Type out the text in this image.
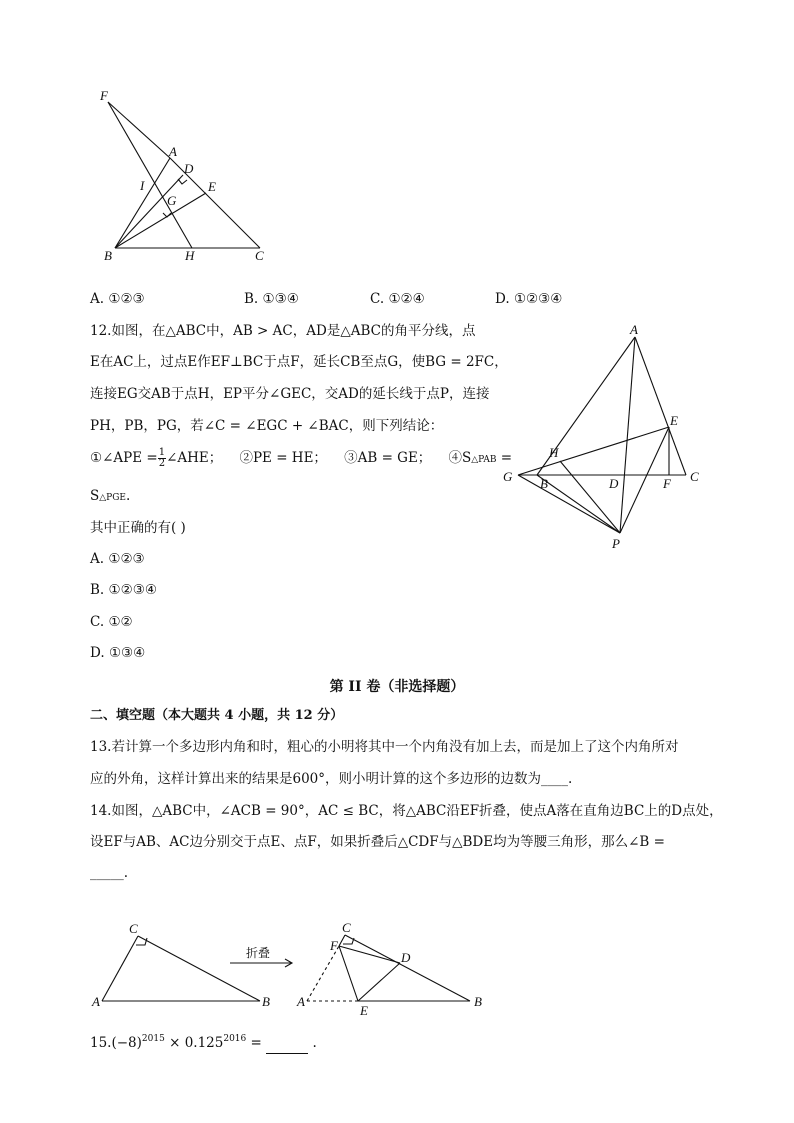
F
A
D
I	E
G
B	H	C
A. ①②③	B. ①③④	C. ①②④	D. ①②③④
12.如图，在△ABC中，AB > AC，AD是△ABC的角平分线，点
E在AC上，过点E作EF⊥BC于点F，延长CB至点G，使BG = 2FC，
连接EG交AB于点H，EP平分∠GEC，交AD的延长线于点P，连接
PH，PB，PG，若∠C = ∠EGC + ∠BAC，则下列结论：
①∠APE = $\frac{1}{2}$ ∠AHE； ②PE = HE； ③AB = GE； ④S△PAB =
S△PGE.
其中正确的有( )
A. ①②③
B. ①②③④
C. ①②
D. ①③④
A
E
H
G B	D	F C
P
第 II 卷（非选择题）
二、填空题（本大题共 4 小题，共 12 分）
13.若计算一个多边形内角和时，粗心的小明将其中一个内角没有加上去，而是加上了这个内角所对
应的外角，这样计算出来的结果是600°，则小明计算的这个多边形的边数为____.
14.如图，△ABC中，∠ACB = 90°，AC ≤ BC，将△ABC沿EF折叠，使点A落在直角边BC上的D点处，
设EF与AB、AC边分别交于点E、点F，如果折叠后△CDF与△BDE均为等腰三角形，那么∠B =
_____.
折叠
C
A	B
C
F
D
A
E
B
$15.(-8)^{2015} \times 0.125^{2016}$ =	.
